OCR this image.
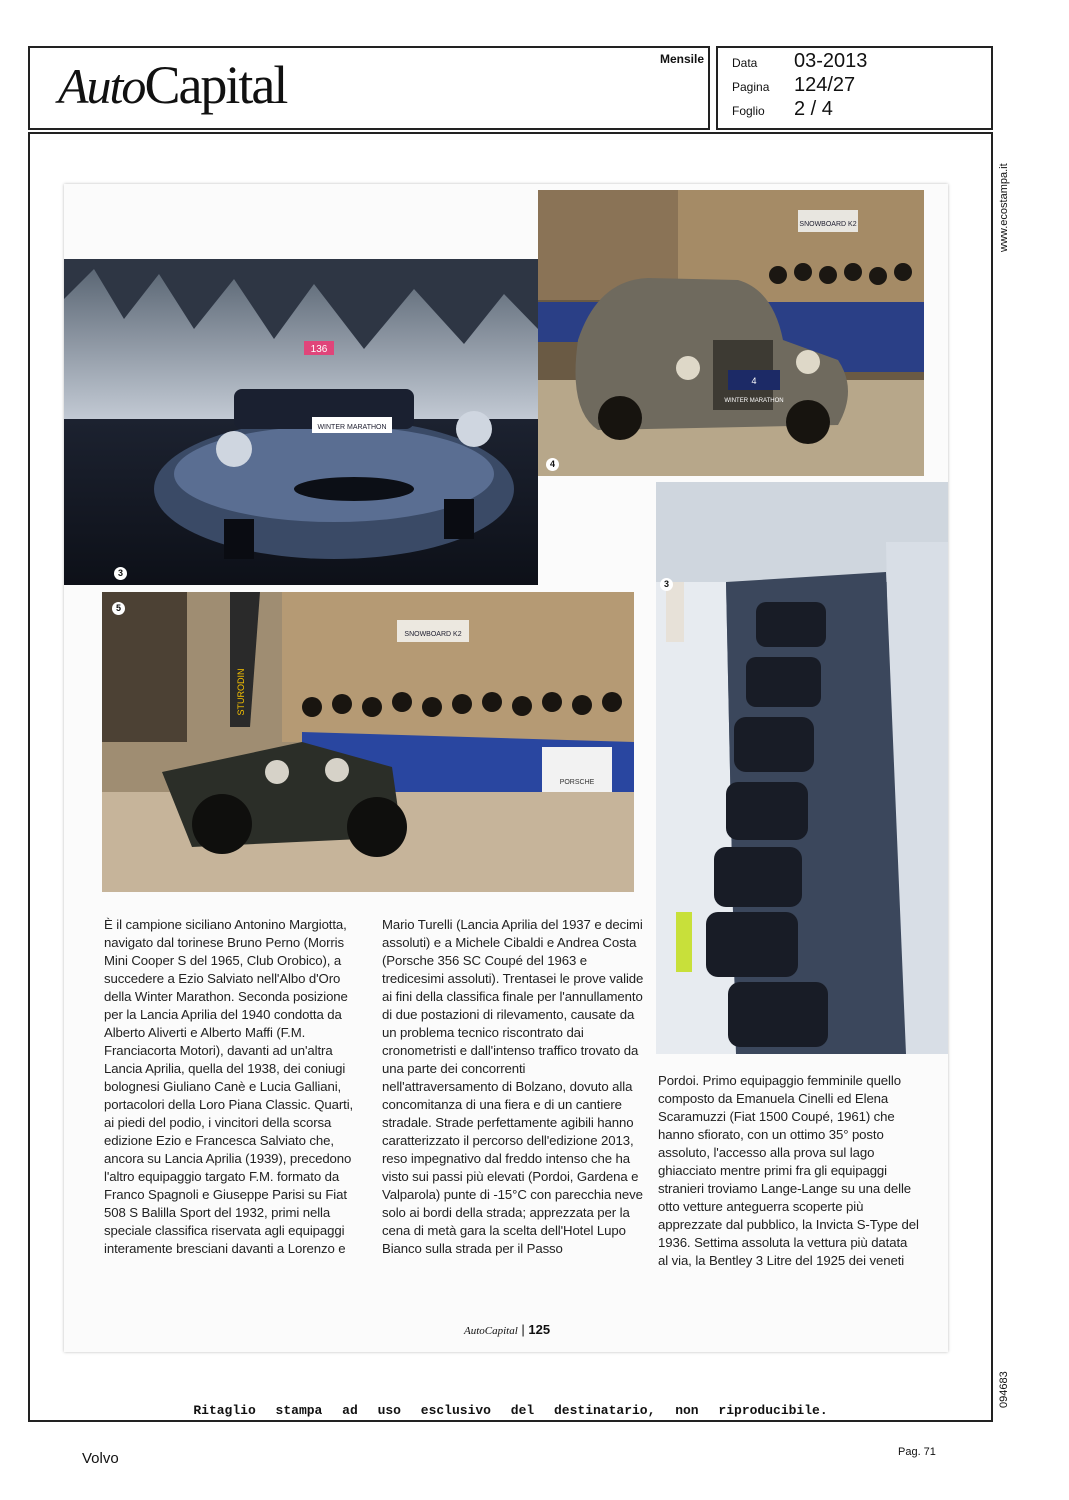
AutoCapital	Mensile Data 03-2013
Pagina 124/27
Foglio 2 / 4
Ritaglio stampa ad uso esclusivo del destinatario, non riproducibile.
www.ecostampa.it
094683
136
WINTER MARATHON
3
SNOWBOARD K2
4
WINTER MARATHON
4
SNOWBOARD K2
STURODIN
PORSCHE
5
3
È il campione siciliano Antonino Margiotta, navigato dal torinese Bruno Perno (Morris Mini Cooper S del 1965, Club Orobico), a succedere a Ezio Salviato nell'Albo d'Oro della Winter Marathon. Seconda posizione per la Lancia Aprilia del 1940 condotta da Alberto Aliverti e Alberto Maffi (F.M. Franciacorta Motori), davanti ad un'altra Lancia Aprilia, quella del 1938, dei coniugi bolognesi Giuliano Canè e Lucia Galliani, portacolori della Loro Piana Classic. Quarti, ai piedi del podio, i vincitori della scorsa edizione Ezio e Francesca Salviato che, ancora su Lancia Aprilia (1939), precedono l'altro equipaggio targato F.M. formato da Franco Spagnoli e Giuseppe Parisi su Fiat 508 S Balilla Sport del 1932, primi nella speciale classifica riservata agli equipaggi interamente bresciani davanti a Lorenzo e
Mario Turelli (Lancia Aprilia del 1937 e decimi assoluti) e a Michele Cibaldi e Andrea Costa (Porsche 356 SC Coupé del 1963 e tredicesimi assoluti). Trentasei le prove valide ai fini della classifica finale per l'annullamento di due postazioni di rilevamento, causate da un problema tecnico riscontrato dai cronometristi e dall'intenso traffico trovato da una parte dei concorrenti nell'attraversamento di Bolzano, dovuto alla concomitanza di una fiera e di un cantiere stradale. Strade perfettamente agibili hanno caratterizzato il percorso dell'edizione 2013, reso impegnativo dal freddo intenso che ha visto sui passi più elevati (Pordoi, Gardena e Valparola) punte di -15°C con parecchia neve solo ai bordi della strada; apprezzata per la cena di metà gara la scelta dell'Hotel Lupo Bianco sulla strada per il Passo
Pordoi. Primo equipaggio femminile quello composto da Emanuela Cinelli ed Elena Scaramuzzi (Fiat 1500 Coupé, 1961) che hanno sfiorato, con un ottimo 35° posto assoluto, l'accesso alla prova sul lago ghiacciato mentre primi fra gli equipaggi stranieri troviamo Lange-Lange su una delle otto vetture anteguerra scoperte più apprezzate dal pubblico, la Invicta S-Type del 1936. Settima assoluta la vettura più datata al via, la Bentley 3 Litre del 1925 dei veneti
AutoCapital | 125
Volvo	Pag. 71
